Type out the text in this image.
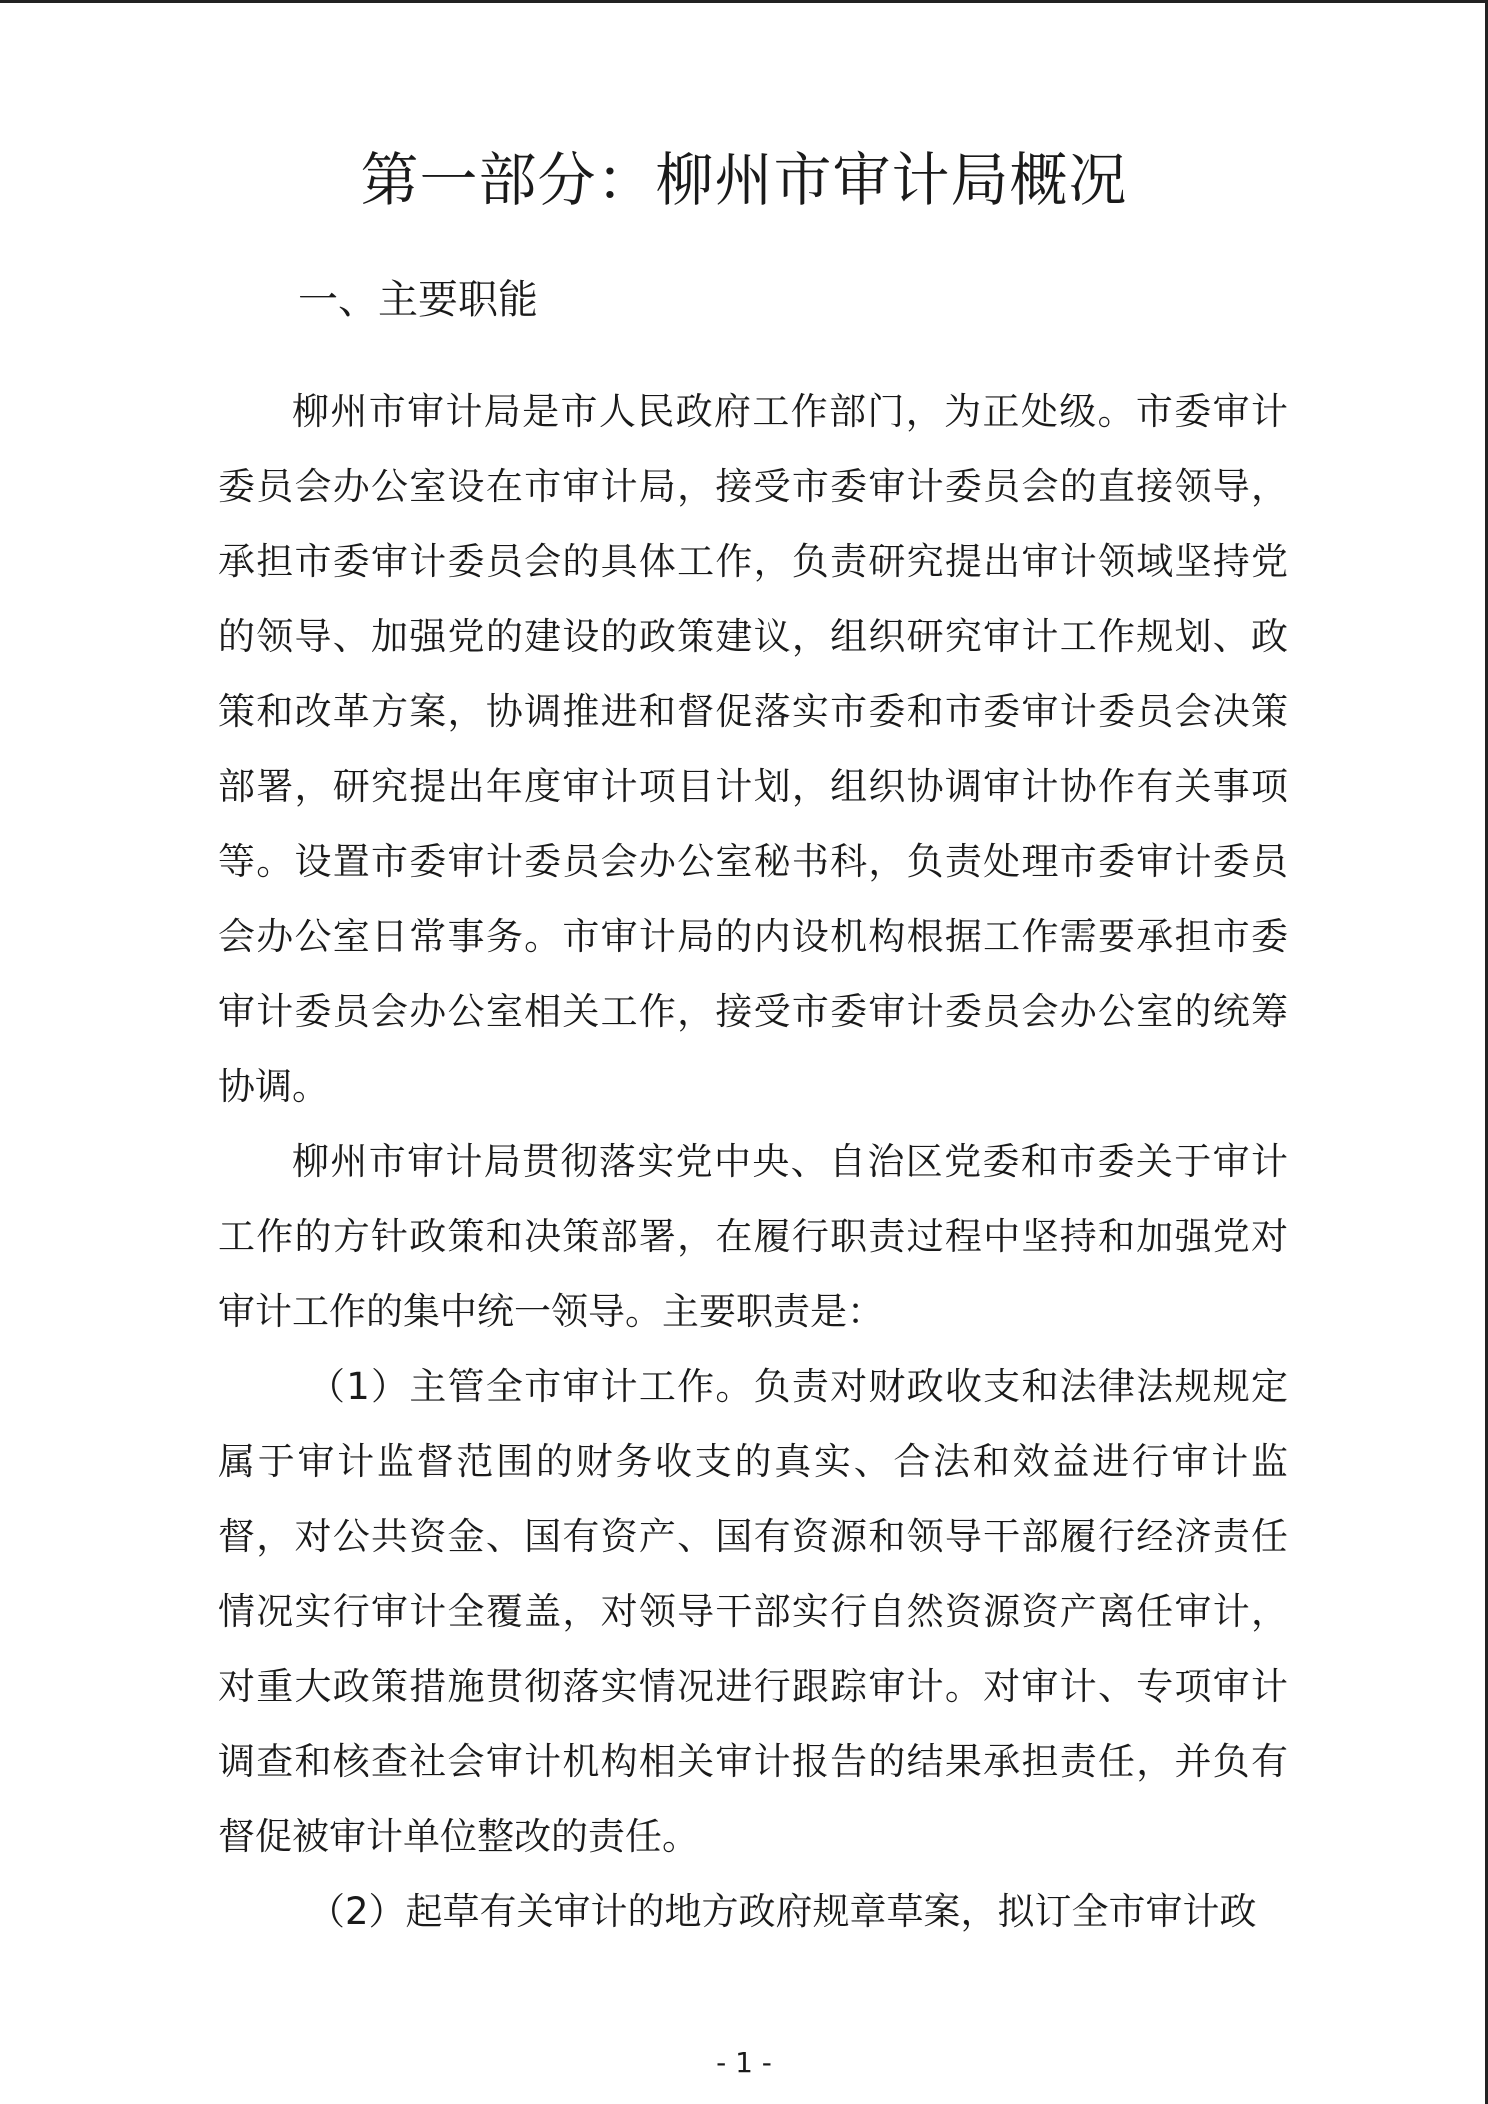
第一部分：柳州市审计局概况
一、主要职能

柳州市审计局是市人民政府工作部门，为正处级。市委审计委员会办公室设在市审计局，接受市委审计委员会的直接领导，承担市委审计委员会的具体工作，负责研究提出审计领域坚持党的领导、加强党的建设的政策建议，组织研究审计工作规划、政策和改革方案，协调推进和督促落实市委和市委审计委员会决策部署，研究提出年度审计项目计划，组织协调审计协作有关事项等。设置市委审计委员会办公室秘书科，负责处理市委审计委员会办公室日常事务。市审计局的内设机构根据工作需要承担市委审计委员会办公室相关工作，接受市委审计委员会办公室的统筹协调。

柳州市审计局贯彻落实党中央、自治区党委和市委关于审计工作的方针政策和决策部署，在履行职责过程中坚持和加强党对审计工作的集中统一领导。主要职责是：

（1）主管全市审计工作。负责对财政收支和法律法规规定属于审计监督范围的财务收支的真实、合法和效益进行审计监督，对公共资金、国有资产、国有资源和领导干部履行经济责任情况实行审计全覆盖，对领导干部实行自然资源资产离任审计，对重大政策措施贯彻落实情况进行跟踪审计。对审计、专项审计调查和核查社会审计机构相关审计报告的结果承担责任，并负有督促被审计单位整改的责任。

（2）起草有关审计的地方政府规章草案，拟订全市审计政

- 1 -
